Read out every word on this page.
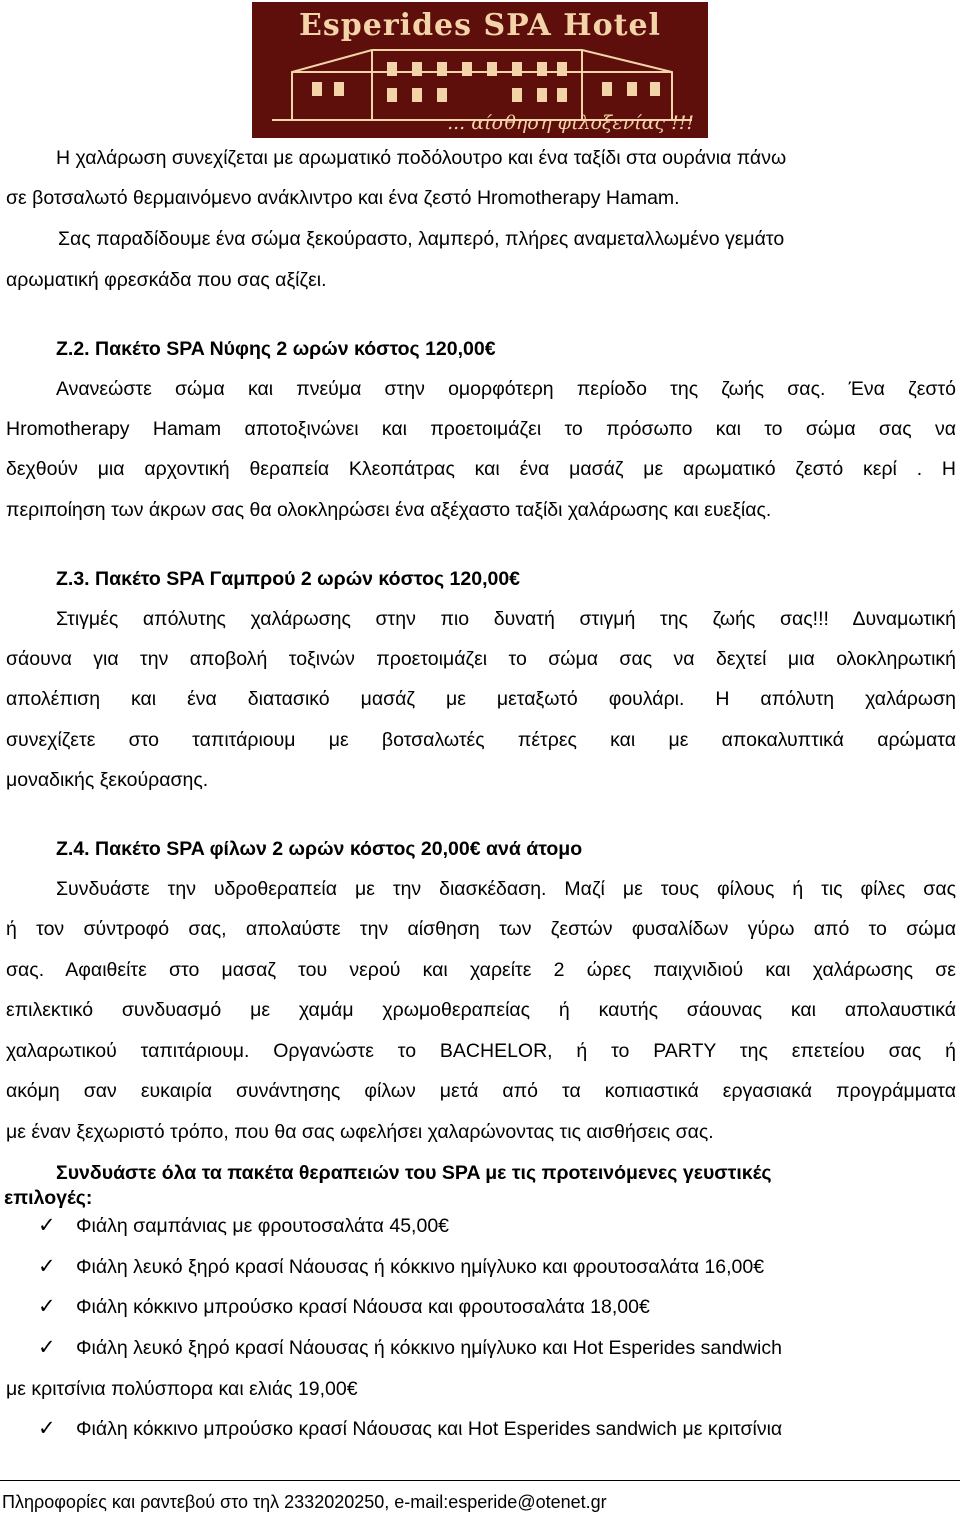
Esperides SPA Hotel
... αίσθηση φιλοξενίας !!!
Η χαλάρωση συνεχίζεται με αρωματικό ποδόλουτρο και ένα ταξίδι στα ουράνια πάνω
σε βοτσαλωτό θερμαινόμενο ανάκλιντρο και ένα ζεστό Hromotherapy Hamam.
Σας παραδίδουμε ένα σώμα ξεκούραστο, λαμπερό, πλήρες αναμεταλλωμένο γεμάτο
αρωματική φρεσκάδα που σας αξίζει.
Ζ.2. Πακέτο SPA Νύφης 2 ωρών κόστος 120,00€
Ανανεώστε σώμα και πνεύμα στην ομορφότερη περίοδο της ζωής σας. Ένα ζεστό
Hromotherapy Hamam αποτοξινώνει και προετοιμάζει το πρόσωπο και το σώμα σας να
δεχθούν μια αρχοντική θεραπεία Κλεοπάτρας και ένα μασάζ με αρωματικό ζεστό κερί . Η
περιποίηση των άκρων σας θα ολοκληρώσει ένα αξέχαστο ταξίδι χαλάρωσης και ευεξίας.
Ζ.3. Πακέτο SPA Γαμπρού 2 ωρών κόστος 120,00€
Στιγμές απόλυτης χαλάρωσης στην πιο δυνατή στιγμή της ζωής σας!!! Δυναμωτική
σάουνα για την αποβολή τοξινών προετοιμάζει το σώμα σας να δεχτεί μια ολοκληρωτική
απολέπιση και ένα διατασικό μασάζ με μεταξωτό φουλάρι. Η απόλυτη χαλάρωση
συνεχίζετε στο ταπιτάριουμ με βοτσαλωτές πέτρες και με αποκαλυπτικά αρώματα
μοναδικής ξεκούρασης.
Ζ.4. Πακέτο SPA φίλων 2 ωρών κόστος 20,00€ ανά άτομο
Συνδυάστε την υδροθεραπεία με την διασκέδαση. Μαζί με τους φίλους ή τις φίλες σας
ή τον σύντροφό σας, απολαύστε την αίσθηση των ζεστών φυσαλίδων γύρω από το σώμα
σας. Αφαιθείτε στο μασαζ του νερού και χαρείτε 2 ώρες παιχνιδιού και χαλάρωσης σε
επιλεκτικό συνδυασμό με χαμάμ χρωμοθεραπείας ή καυτής σάουνας και απολαυστικά
χαλαρωτικού ταπιτάριουμ. Οργανώστε το BACHELOR, ή το PARTY της επετείου σας ή
ακόμη σαν ευκαιρία συνάντησης φίλων μετά από τα κοπιαστικά εργασιακά προγράμματα
με έναν ξεχωριστό τρόπο, που θα σας ωφελήσει χαλαρώνοντας τις αισθήσεις σας.
Συνδυάστε όλα τα πακέτα θεραπειών του SPA με τις προτεινόμενες γευστικές
επιλογές:
✓ Φιάλη σαμπάνιας με φρουτοσαλάτα 45,00€
✓ Φιάλη λευκό ξηρό κρασί Νάουσας ή κόκκινο ημίγλυκο και φρουτοσαλάτα 16,00€
✓ Φιάλη κόκκινο μπρούσκο κρασί Νάουσα και φρουτοσαλάτα 18,00€
✓ Φιάλη λευκό ξηρό κρασί Νάουσας ή κόκκινο ημίγλυκο και Hot Esperides sandwich
με κριτσίνια πολύσπορα και ελιάς 19,00€
✓ Φιάλη κόκκινο μπρούσκο κρασί Νάουσας και Hot Esperides sandwich με κριτσίνια
Πληροφορίες και ραντεβού στο τηλ 2332020250, e-mail:esperide@otenet.gr
